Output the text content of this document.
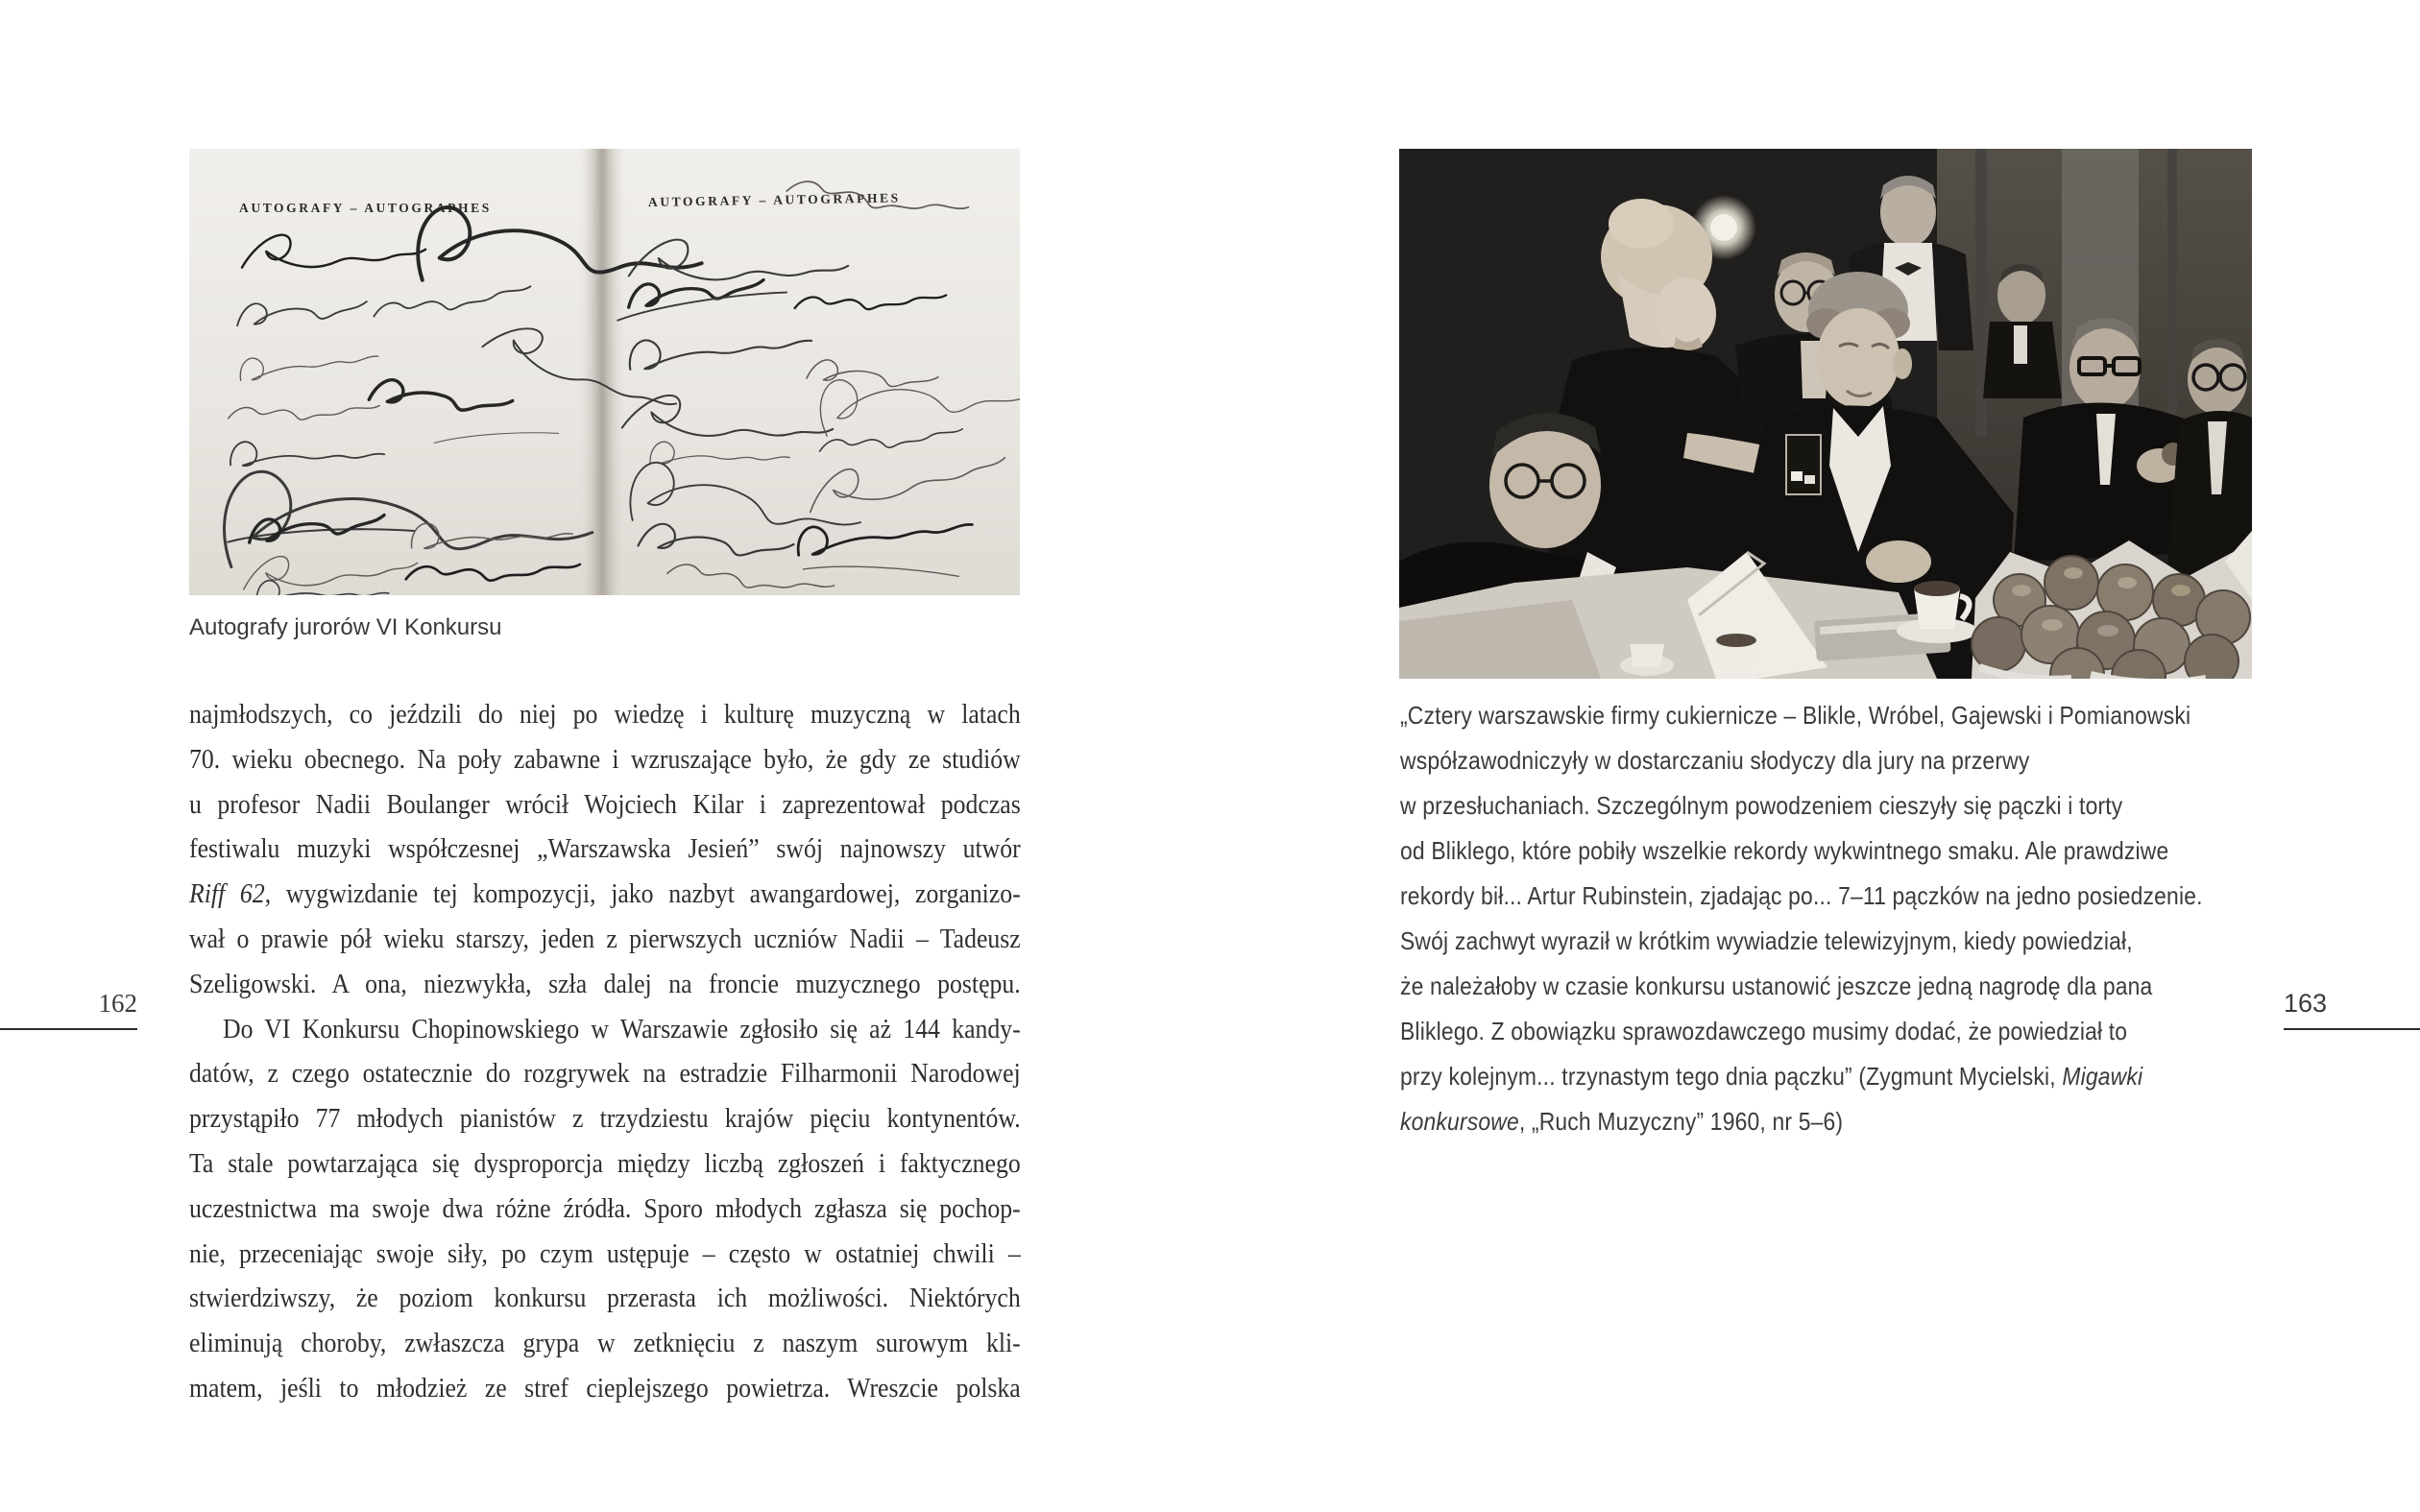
AUTOGRAFY – AUTOGRAPHES	AUTOGRAFY – AUTOGRAPHES
Autografy jurorów VI Konkursu
najmłodszych, co jeździli do niej po wiedzę i kulturę muzyczną w latach
70. wieku obecnego. Na poły zabawne i wzruszające było, że gdy ze studiów
u profesor Nadii Boulanger wrócił Wojciech Kilar i zaprezentował podczas
festiwalu muzyki współczesnej „Warszawska Jesień” swój najnowszy utwór
Riff 62, wygwizdanie tej kompozycji, jako nazbyt awangardowej, zorganizo-
wał o prawie pół wieku starszy, jeden z pierwszych uczniów Nadii – Tadeusz
Szeligowski. A ona, niezwykła, szła dalej na froncie muzycznego postępu.
Do VI Konkursu Chopinowskiego w Warszawie zgłosiło się aż 144 kandy-
datów, z czego ostatecznie do rozgrywek na estradzie Filharmonii Narodowej
przystąpiło 77 młodych pianistów z trzydziestu krajów pięciu kontynentów.
Ta stale powtarzająca się dysproporcja między liczbą zgłoszeń i faktycznego
uczestnictwa ma swoje dwa różne źródła. Sporo młodych zgłasza się pochop-
nie, przeceniając swoje siły, po czym ustępuje – często w ostatniej chwili –
stwierdziwszy, że poziom konkursu przerasta ich możliwości. Niektórych
eliminują choroby, zwłaszcza grypa w zetknięciu z naszym surowym kli-
matem, jeśli to młodzież ze stref cieplejszego powietrza. Wreszcie polska
162
„Cztery warszawskie firmy cukiernicze – Blikle, Wróbel, Gajewski i Pomianowski
współzawodniczyły w dostarczaniu słodyczy dla jury na przerwy
w przesłuchaniach. Szczególnym powodzeniem cieszyły się pączki i torty
od Bliklego, które pobiły wszelkie rekordy wykwintnego smaku. Ale prawdziwe
rekordy bił... Artur Rubinstein, zjadając po... 7–11 pączków na jedno posiedzenie.
Swój zachwyt wyraził w krótkim wywiadzie telewizyjnym, kiedy powiedział,
że należałoby w czasie konkursu ustanowić jeszcze jedną nagrodę dla pana
Bliklego. Z obowiązku sprawozdawczego musimy dodać, że powiedział to
przy kolejnym... trzynastym tego dnia pączku” (Zygmunt Mycielski, Migawki
konkursowe, „Ruch Muzyczny” 1960, nr 5–6)
163
